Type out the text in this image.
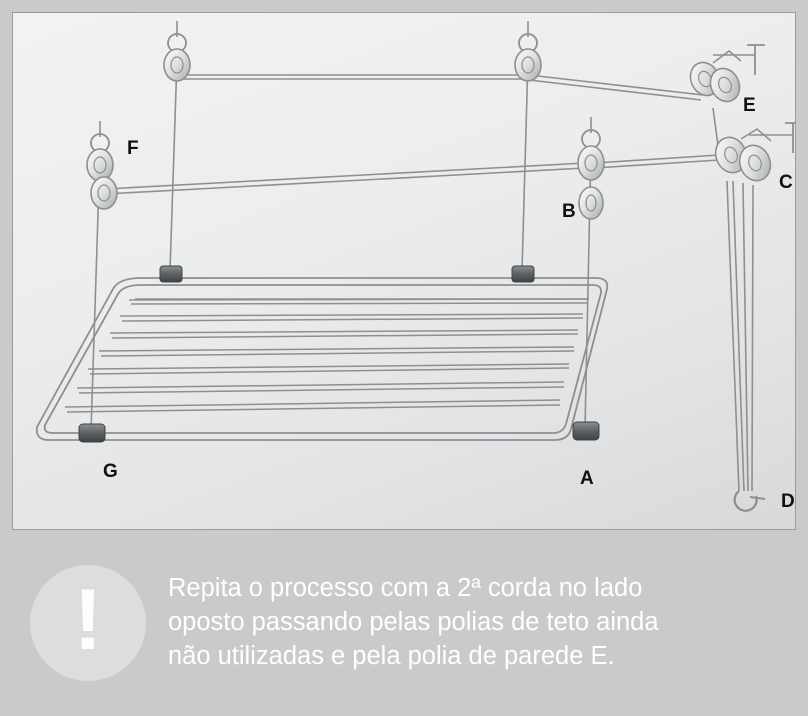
E
F
C
B
D
G	A
!	Repita o processo com a 2ª corda no lado
oposto passando pelas polias de teto ainda
não utilizadas e pela polia de parede E.
